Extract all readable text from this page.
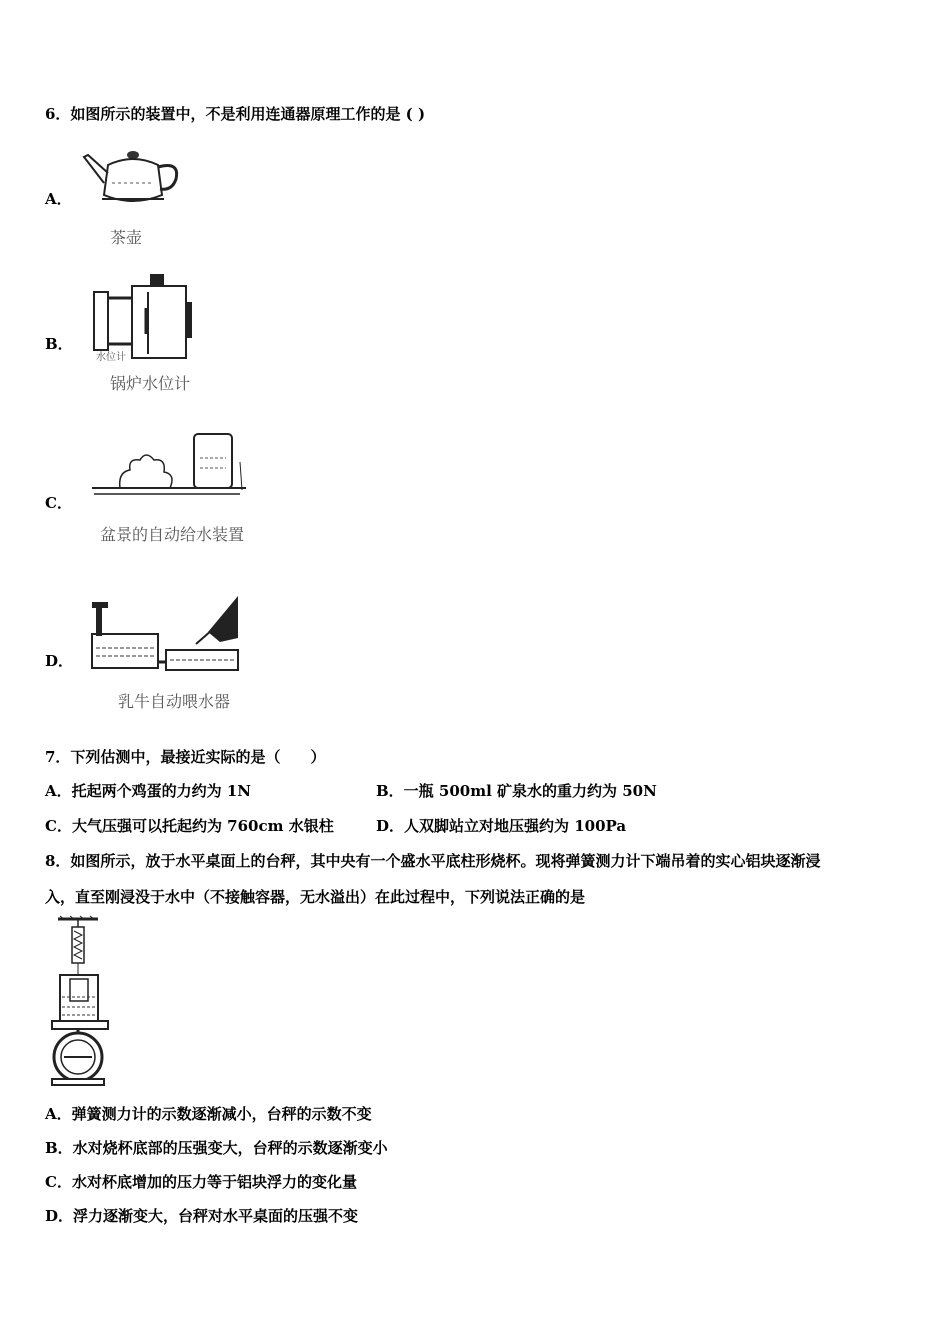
6．如图所示的装置中，不是利用连通器原理工作的是 ( )
A．
茶壶
B．
水位计
锅炉水位计
C．
盆景的自动给水装置
D．
乳牛自动喂水器
7．下列估测中，最接近实际的是（　　）
A．托起两个鸡蛋的力约为 1N	B．一瓶 500ml 矿泉水的重力约为 50N
C．大气压强可以托起约为 760cm 水银柱	D．人双脚站立对地压强约为 100Pa
8．如图所示，放于水平桌面上的台秤，其中央有一个盛水平底柱形烧杯。现将弹簧测力计下端吊着的实心铝块逐渐浸
入，直至刚浸没于水中（不接触容器，无水溢出）在此过程中，下列说法正确的是
A．弹簧测力计的示数逐渐减小，台秤的示数不变
B．水对烧杯底部的压强变大，台秤的示数逐渐变小
C．水对杯底增加的压力等于铝块浮力的变化量
D．浮力逐渐变大，台秤对水平桌面的压强不变
